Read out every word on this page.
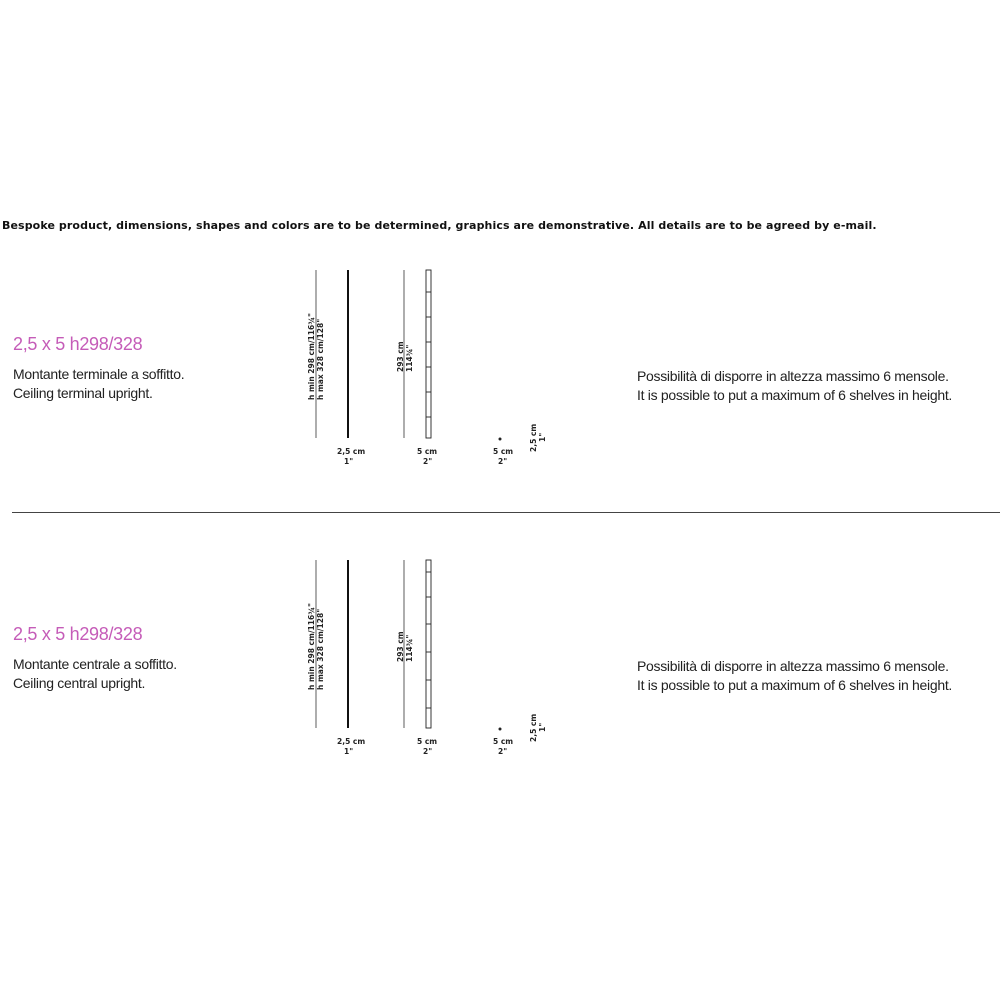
Bespoke product, dimensions, shapes and colors are to be determined, graphics are demonstrative. All details are to be agreed by e-mail.
2,5 x 5 h298/328
Montante terminale a soffitto.
Ceiling terminal upright.	h min 298 cm/116¾" h max 328 cm/128"
2,5 cm
1"
293 cm 114¾"
5 cm
2"
5 cm
2"
2,5 cm 1"
Possibilità di disporre in altezza massimo 6 mensole.
It is possible to put a maximum of 6 shelves in height.
2,5 x 5 h298/328
Montante centrale a soffitto.
Ceiling central upright.	h min 298 cm/116¾" h max 328 cm/128"
2,5 cm
1"
293 cm 114¾"
5 cm
2"
5 cm
2"
2,5 cm 1"
Possibilità di disporre in altezza massimo 6 mensole.
It is possible to put a maximum of 6 shelves in height.
